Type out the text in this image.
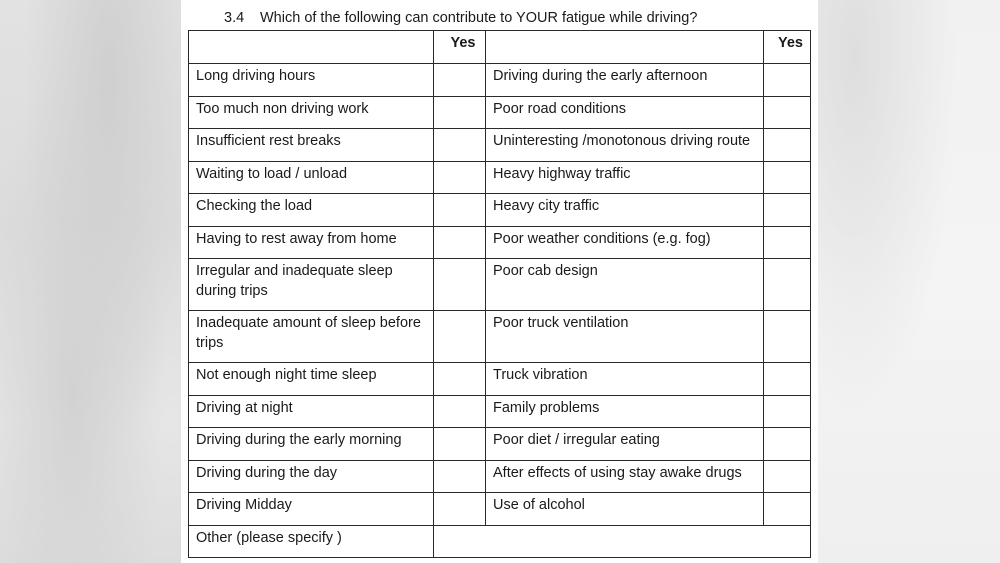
3.4 Which of the following can contribute to YOUR fatigue while driving?
	Yes		Yes
Long driving hours		Driving during the early afternoon	
Too much non driving work		Poor road conditions	
Insufficient rest breaks		Uninteresting /monotonous driving route	
Waiting to load / unload		Heavy highway traffic	
Checking the load		Heavy city traffic	
Having to rest away from home		Poor weather conditions (e.g. fog)	
Irregular and inadequate sleep during trips		Poor cab design	
Inadequate amount of sleep before trips		Poor truck ventilation	
Not enough night time sleep		Truck vibration	
Driving at night		Family problems	
Driving during the early morning		Poor diet / irregular eating	
Driving during the day		After effects of using stay awake drugs	
Driving Midday		Use of alcohol	
Other (please specify )			
